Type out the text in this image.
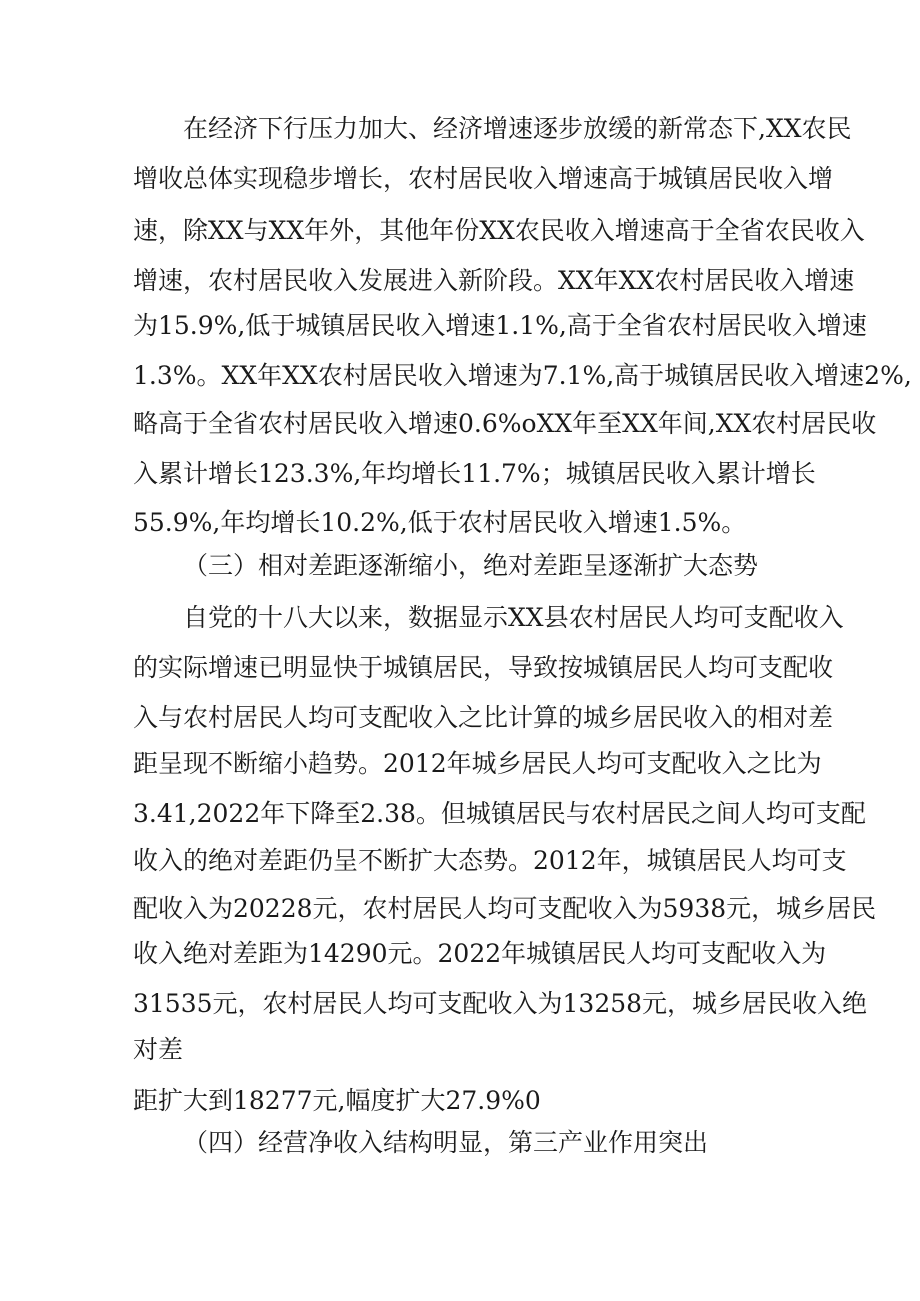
在经济下行压力加大、经济增速逐步放缓的新常态下,XX农民
增收总体实现稳步增长，农村居民收入增速高于城镇居民收入增
速，除XX与XX年外，其他年份XX农民收入增速高于全省农民收入
增速，农村居民收入发展进入新阶段。XX年XX农村居民收入增速
为15.9%,低于城镇居民收入增速1.1%,高于全省农村居民收入增速
1.3%。XX年XX农村居民收入增速为7.1%,高于城镇居民收入增速2%,
略高于全省农村居民收入增速0.6%oXX年至XX年间,XX农村居民收
入累计增长123.3%,年均增长11.7%；城镇居民收入累计增长
55.9%,年均增长10.2%,低于农村居民收入增速1.5%。
（三）相对差距逐渐缩小，绝对差距呈逐渐扩大态势
自党的十八大以来，数据显示XX县农村居民人均可支配收入
的实际增速已明显快于城镇居民，导致按城镇居民人均可支配收
入与农村居民人均可支配收入之比计算的城乡居民收入的相对差
距呈现不断缩小趋势。2012年城乡居民人均可支配收入之比为
3.41,2022年下降至2.38。但城镇居民与农村居民之间人均可支配
收入的绝对差距仍呈不断扩大态势。2012年，城镇居民人均可支
配收入为20228元，农村居民人均可支配收入为5938元，城乡居民
收入绝对差距为14290元。2022年城镇居民人均可支配收入为
31535元，农村居民人均可支配收入为13258元，城乡居民收入绝
对差
距扩大到18277元,幅度扩大27.9%0
（四）经营净收入结构明显，第三产业作用突出
